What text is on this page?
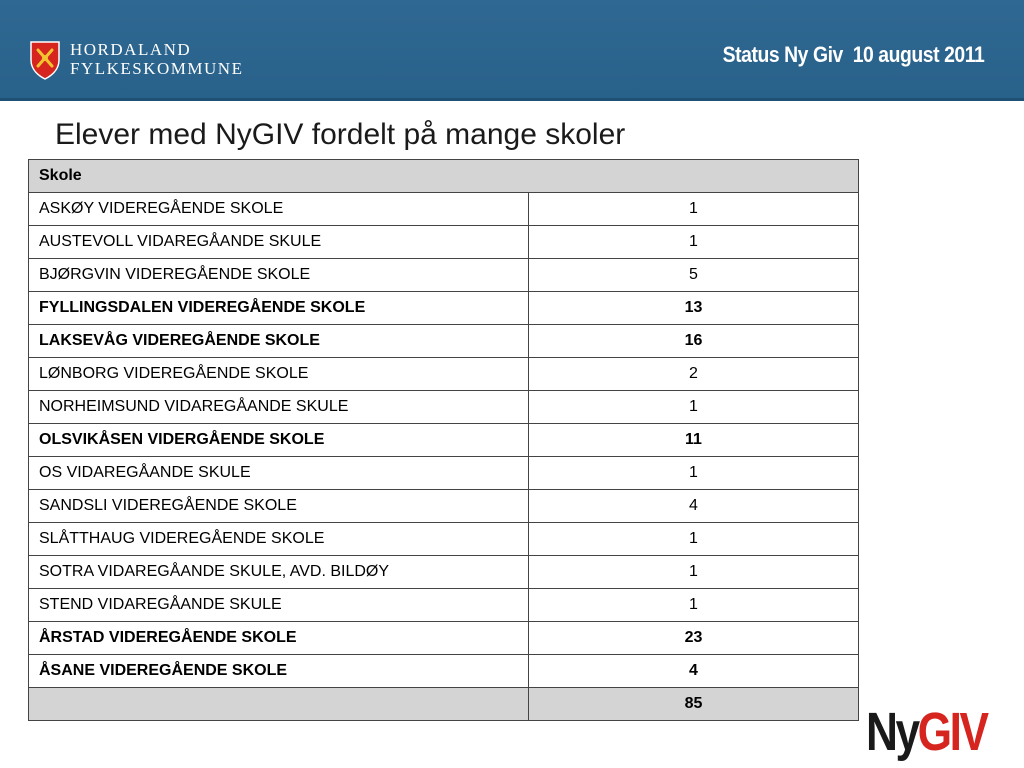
HORDALAND
FYLKESKOMMUNE
Status Ny Giv  10 august 2011
Elever med NyGIV fordelt på mange skoler
Skole	
ASKØY VIDEREGÅENDE SKOLE	1
AUSTEVOLL VIDAREGÅANDE SKULE	1
BJØRGVIN VIDEREGÅENDE SKOLE	5
FYLLINGSDALEN VIDEREGÅENDE SKOLE	13
LAKSEVÅG VIDEREGÅENDE SKOLE	16
LØNBORG VIDEREGÅENDE SKOLE	2
NORHEIMSUND VIDAREGÅANDE SKULE	1
OLSVIKÅSEN VIDERGÅENDE SKOLE	11
OS VIDAREGÅANDE SKULE	1
SANDSLI VIDEREGÅENDE SKOLE	4
SLÅTTHAUG VIDEREGÅENDE SKOLE	1
SOTRA VIDAREGÅANDE SKULE, AVD. BILDØY	1
STEND VIDAREGÅANDE SKULE	1
ÅRSTAD VIDEREGÅENDE SKOLE	23
ÅSANE VIDEREGÅENDE SKOLE	4
	85	NyGIV
